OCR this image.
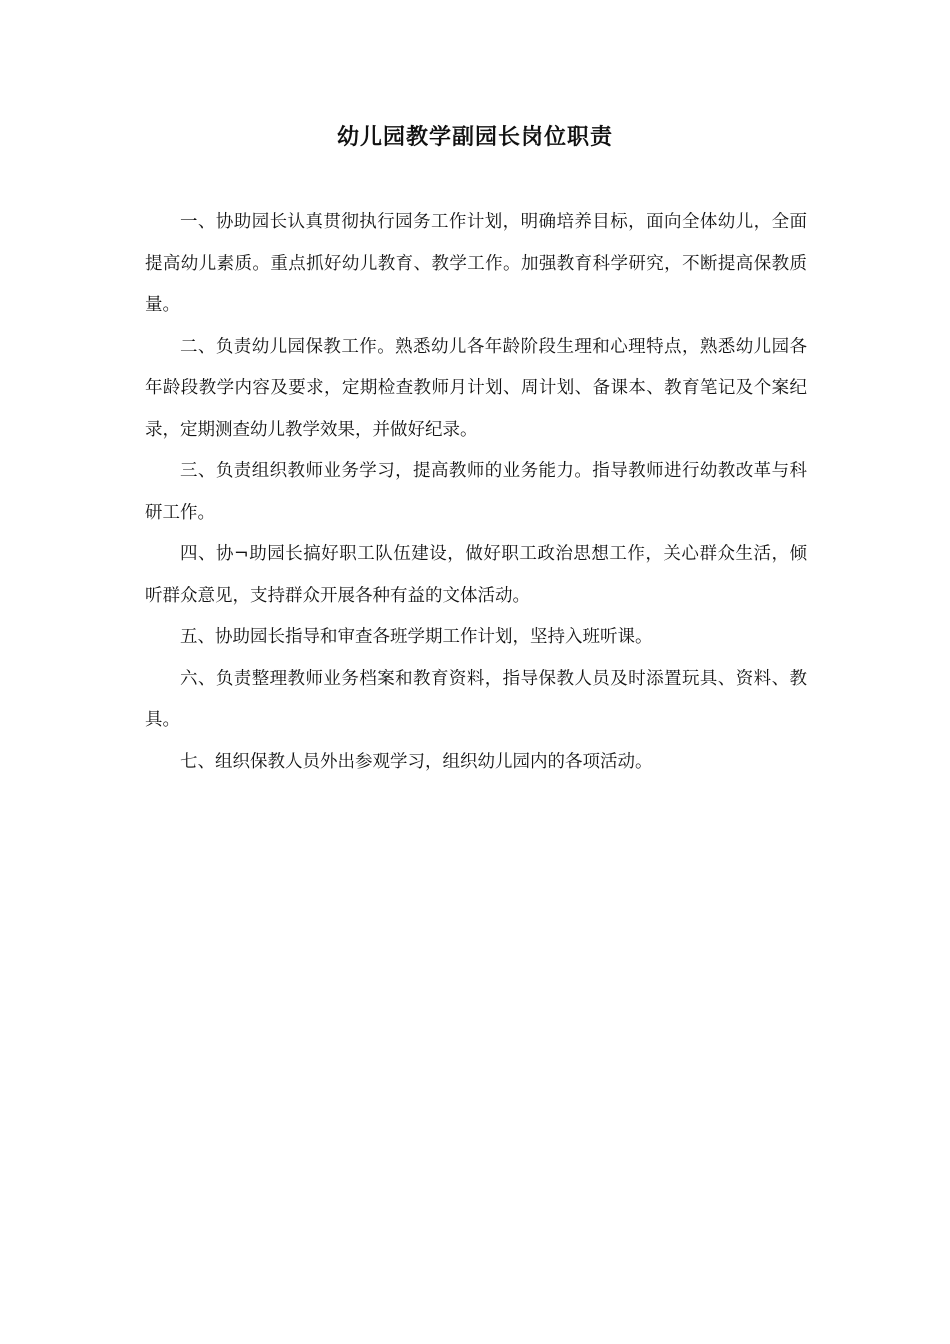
幼儿园教学副园长岗位职责

一、协助园长认真贯彻执行园务工作计划，明确培养目标，面向全体幼儿，全面提高幼儿素质。重点抓好幼儿教育、教学工作。加强教育科学研究，不断提高保教质量。

二、负责幼儿园保教工作。熟悉幼儿各年龄阶段生理和心理特点，熟悉幼儿园各年龄段教学内容及要求，定期检查教师月计划、周计划、备课本、教育笔记及个案纪录，定期测查幼儿教学效果，并做好纪录。

三、负责组织教师业务学习，提高教师的业务能力。指导教师进行幼教改革与科研工作。

四、协¬助园长搞好职工队伍建设，做好职工政治思想工作，关心群众生活，倾听群众意见，支持群众开展各种有益的文体活动。

五、协助园长指导和审查各班学期工作计划，坚持入班听课。

六、负责整理教师业务档案和教育资料，指导保教人员及时添置玩具、资料、教具。

七、组织保教人员外出参观学习，组织幼儿园内的各项活动。
